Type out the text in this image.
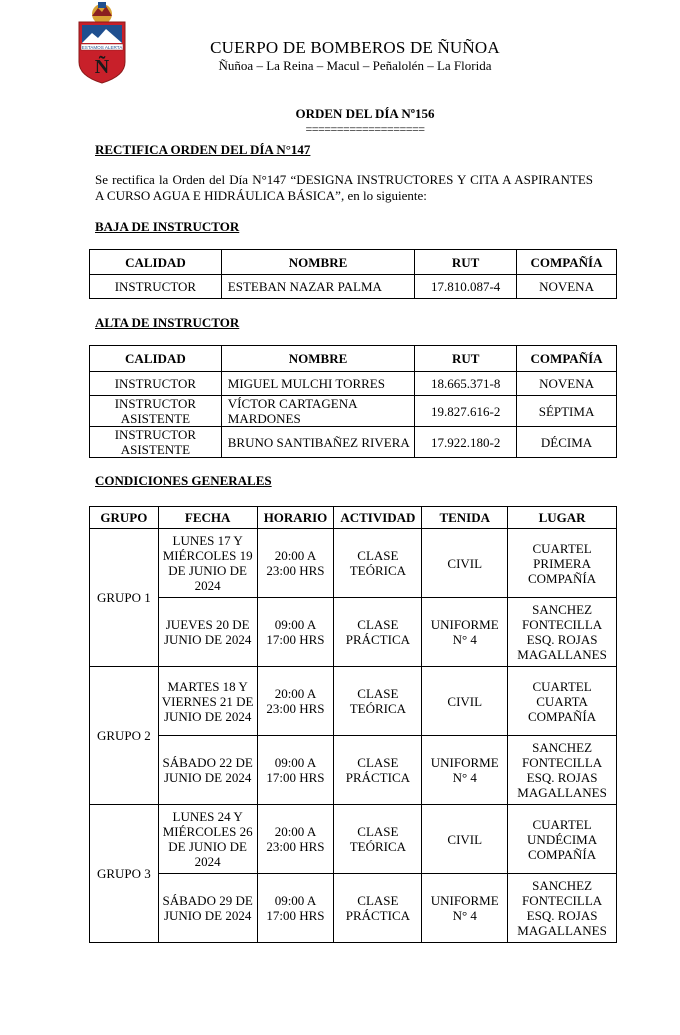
ESTAMOS ALERTA
Ñ
CUERPO DE BOMBEROS DE ÑUÑOA
Ñuñoa – La Reina – Macul – Peñalolén – La Florida
ORDEN DEL DÍA Nº156
===================
RECTIFICA ORDEN DEL DÍA N°147
Se rectifica la Orden del Día N°147 “DESIGNA INSTRUCTORES Y CITA A ASPIRANTES A CURSO AGUA E HIDRÁULICA BÁSICA”, en lo siguiente:
BAJA DE INSTRUCTOR
CALIDAD	NOMBRE	RUT	COMPAÑÍA
INSTRUCTOR	ESTEBAN NAZAR PALMA	17.810.087-4	NOVENA
ALTA DE INSTRUCTOR
CALIDAD	NOMBRE	RUT	COMPAÑÍA
INSTRUCTOR	MIGUEL MULCHI TORRES	18.665.371-8	NOVENA
INSTRUCTOR ASISTENTE	VÍCTOR CARTAGENA MARDONES	19.827.616-2	SÉPTIMA
INSTRUCTOR ASISTENTE	BRUNO SANTIBAÑEZ RIVERA	17.922.180-2	DÉCIMA
CONDICIONES GENERALES
GRUPO	FECHA	HORARIO	ACTIVIDAD	TENIDA	LUGAR
GRUPO 1	LUNES 17 Y MIÉRCOLES 19 DE JUNIO DE 2024	20:00 A 23:00 HRS	CLASE TEÓRICA	CIVIL	CUARTEL PRIMERA COMPAÑÍA
	JUEVES 20 DE JUNIO DE 2024	09:00 A 17:00 HRS	CLASE PRÁCTICA	UNIFORME N° 4	SANCHEZ FONTECILLA ESQ. ROJAS MAGALLANES
GRUPO 2	MARTES 18 Y VIERNES 21 DE JUNIO DE 2024	20:00 A 23:00 HRS	CLASE TEÓRICA	CIVIL	CUARTEL CUARTA COMPAÑÍA
	SÁBADO 22 DE JUNIO DE 2024	09:00 A 17:00 HRS	CLASE PRÁCTICA	UNIFORME N° 4	SANCHEZ FONTECILLA ESQ. ROJAS MAGALLANES
GRUPO 3	LUNES 24 Y MIÉRCOLES 26 DE JUNIO DE 2024	20:00 A 23:00 HRS	CLASE TEÓRICA	CIVIL	CUARTEL UNDÉCIMA COMPAÑÍA
	SÁBADO 29 DE JUNIO DE 2024	09:00 A 17:00 HRS	CLASE PRÁCTICA	UNIFORME N° 4	SANCHEZ FONTECILLA ESQ. ROJAS MAGALLANES
